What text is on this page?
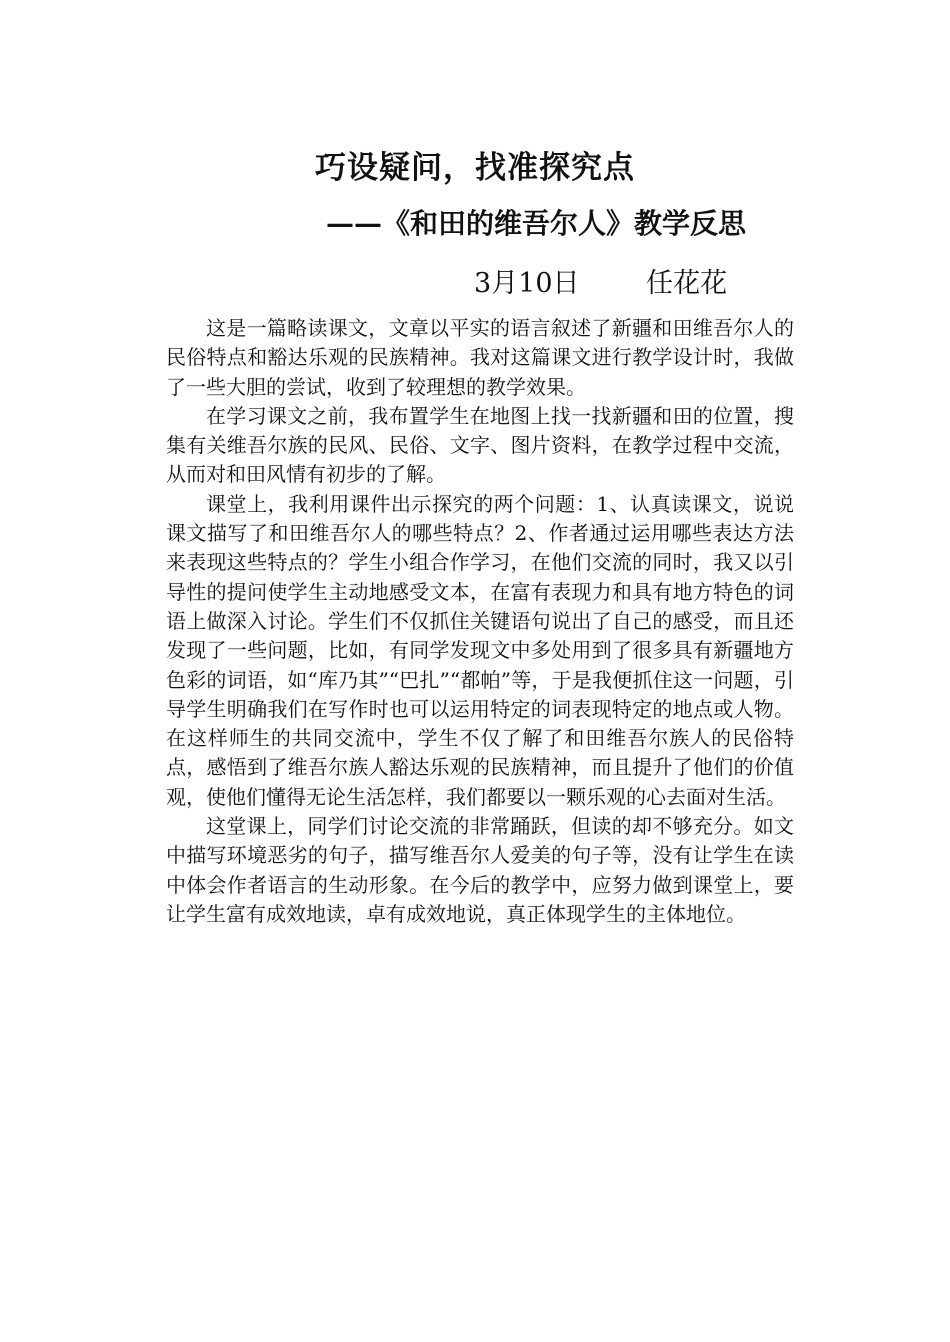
巧设疑问，找准探究点
——《和田的维吾尔人》教学反思
3月10日 任花花

这是一篇略读课文，文章以平实的语言叙述了新疆和田维吾尔人的民俗特点和豁达乐观的民族精神。我对这篇课文进行教学设计时，我做了一些大胆的尝试，收到了较理想的教学效果。

在学习课文之前，我布置学生在地图上找一找新疆和田的位置，搜集有关维吾尔族的民风、民俗、文字、图片资料，在教学过程中交流，从而对和田风情有初步的了解。

课堂上，我利用课件出示探究的两个问题：1、认真读课文，说说课文描写了和田维吾尔人的哪些特点？2、作者通过运用哪些表达方法来表现这些特点的？学生小组合作学习，在他们交流的同时，我又以引导性的提问使学生主动地感受文本，在富有表现力和具有地方特色的词语上做深入讨论。学生们不仅抓住关键语句说出了自己的感受，而且还发现了一些问题，比如，有同学发现文中多处用到了很多具有新疆地方色彩的词语，如“库乃其”“巴扎”“都帕”等，于是我便抓住这一问题，引导学生明确我们在写作时也可以运用特定的词表现特定的地点或人物。在这样师生的共同交流中，学生不仅了解了和田维吾尔族人的民俗特点，感悟到了维吾尔族人豁达乐观的民族精神，而且提升了他们的价值观，使他们懂得无论生活怎样，我们都要以一颗乐观的心去面对生活。

这堂课上，同学们讨论交流的非常踊跃，但读的却不够充分。如文中描写环境恶劣的句子，描写维吾尔人爱美的句子等，没有让学生在读中体会作者语言的生动形象。在今后的教学中，应努力做到课堂上，要让学生富有成效地读，卓有成效地说，真正体现学生的主体地位。
